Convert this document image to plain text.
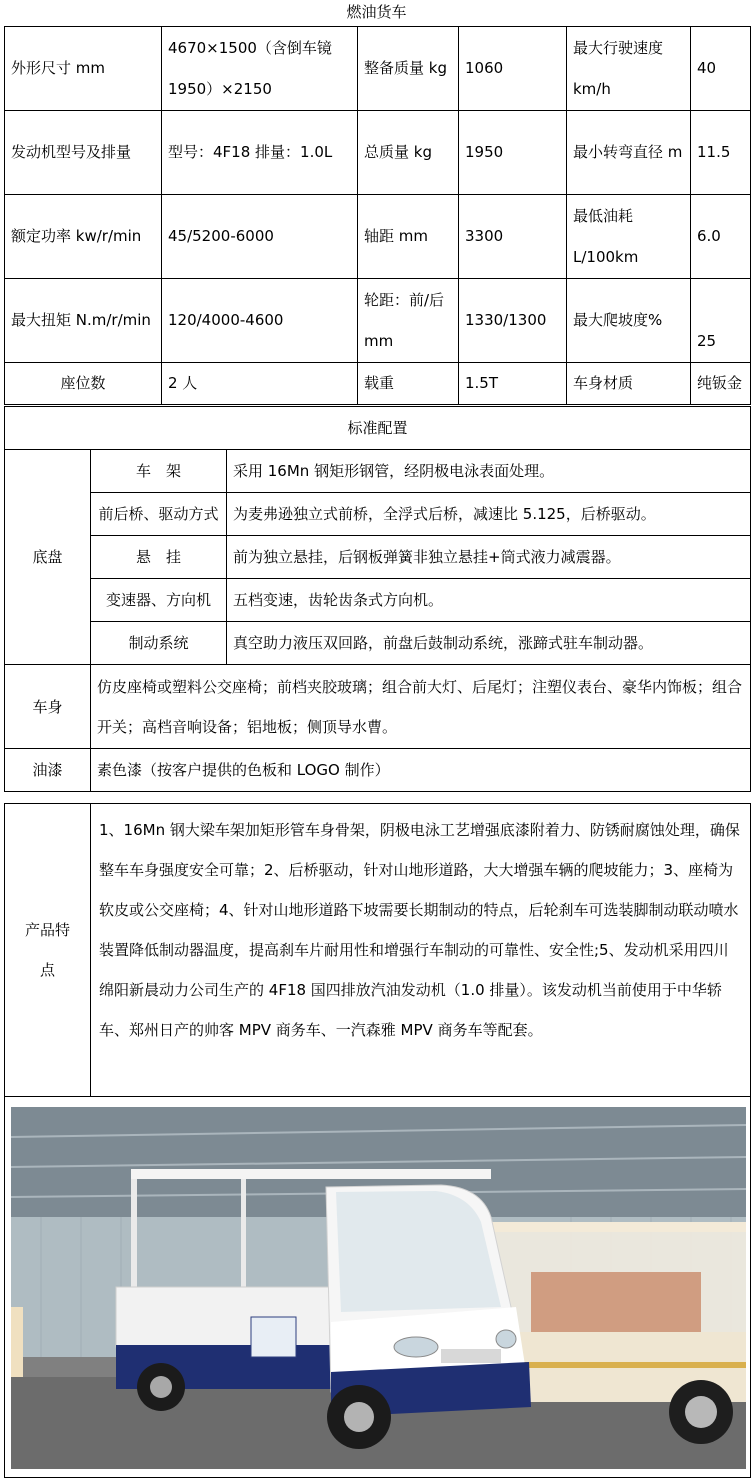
燃油货车
外形尺寸 mm	4670×1500（含倒车镜 1950）×2150	整备质量 kg	1060	最大行驶速度 km/h	40
发动机型号及排量	型号：4F18 排量：1.0L	总质量 kg	1950	最小转弯直径 m	11.5
额定功率 kw/r/min	45/5200-6000	轴距 mm	3300	最低油耗 L/100km	6.0
最大扭矩 N.m/r/min	120/4000-4600	轮距：前/后 mm	1330/1300	最大爬坡度%	25
座位数	2 人	载重	1.5T	车身材质	纯钣金
标准配置		
底盘	车　架	采用 16Mn 钢矩形钢管，经阴极电泳表面处理。
	前后桥、驱动方式	为麦弗逊独立式前桥，全浮式后桥，减速比 5.125，后桥驱动。
	悬　挂	前为独立悬挂，后钢板弹簧非独立悬挂+筒式液力减震器。
	变速器、方向机	五档变速，齿轮齿条式方向机。
	制动系统	真空助力液压双回路，前盘后鼓制动系统，涨蹄式驻车制动器。
车身	仿皮座椅或塑料公交座椅；前档夹胶玻璃；组合前大灯、后尾灯；注塑仪表台、豪华内饰板；组合开关；高档音响设备；铝地板；侧顶导水曹。	
油漆	素色漆（按客户提供的色板和 LOGO 制作）	
产品特点	1、16Mn 钢大梁车架加矩形管车身骨架，阴极电泳工艺增强底漆附着力、防锈耐腐蚀处理，确保整车车身强度安全可靠；2、后桥驱动，针对山地形道路，大大增强车辆的爬坡能力；3、座椅为软皮或公交座椅；4、针对山地形道路下坡需要长期制动的特点，后轮刹车可选装脚制动联动喷水装置降低制动器温度，提高刹车片耐用性和增强行车制动的可靠性、安全性;5、发动机采用四川绵阳新晨动力公司生产的 4F18 国四排放汽油发动机（1.0 排量）。该发动机当前使用于中华轿车、郑州日产的帅客 MPV 商务车、一汽森雅 MPV 商务车等配套。
